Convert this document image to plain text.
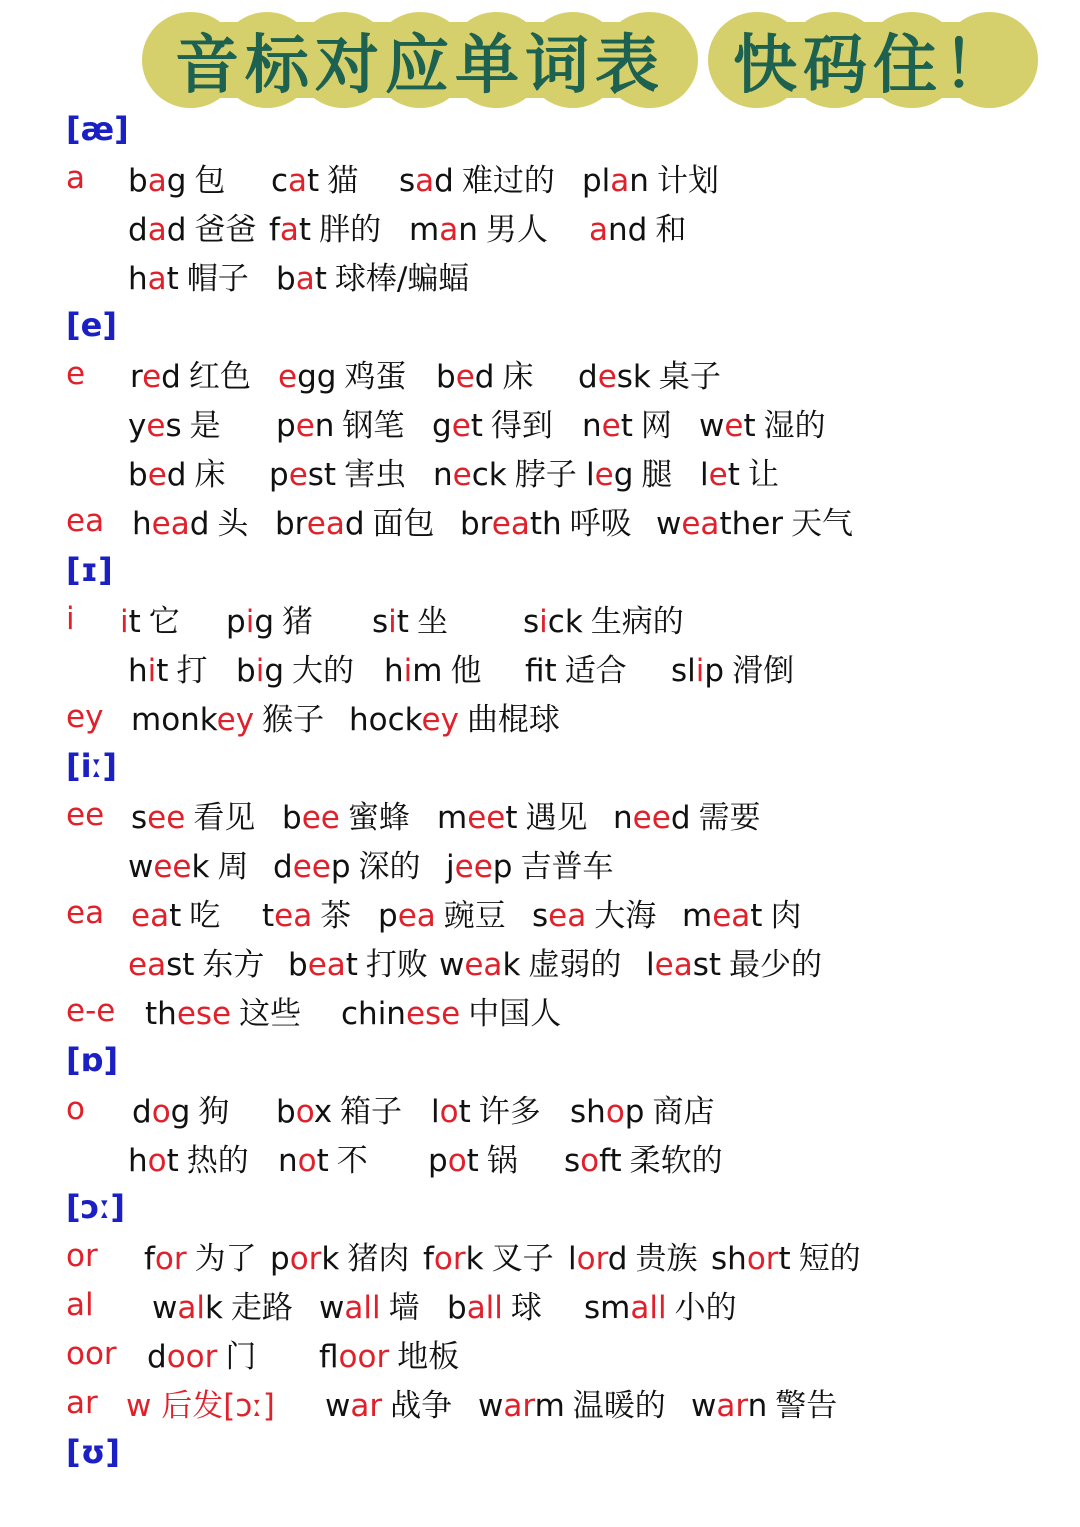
音标对应单词表 快码住！
[æ]
a bag 包 cat 猫 sad 难过的 plan 计划
dad 爸爸 fat 胖的 man 男人 and 和
hat 帽子 bat 球棒/蝙蝠
[e]
e red 红色 egg 鸡蛋 bed 床 desk 桌子
yes 是 pen 钢笔 get 得到 net 网 wet 湿的
bed 床 pest 害虫 neck 脖子 leg 腿 let 让
ea head 头 bread 面包 breath 呼吸 weather 天气
[ɪ]
i it 它 pig 猪 sit 坐 sick 生病的
hit 打 big 大的 him 他 ft 适合 slip 滑倒
ey monkey 猴子 hockey 曲棍球
[iː]
ee see 看见 bee 蜜蜂 meet 遇见 need 需要
week 周 deep 深的 jeep 吉普车
ea eat 吃 tea 茶 pea 豌豆 sea 大海 meat 肉
east 东方 beat 打败 weak 虚弱的 least 最少的
e-e these 这些 chinese 中国人
[ɒ]
o dog 狗 box 箱子 lot 许多 shop 商店
hot 热的 not 不 pot 锅 soft 柔软的
[ɔː]
or for 为了 pork 猪肉 fork 叉子 lord 贵族 short 短的
al walk 走路 wall 墙 ball 球 small 小的
oor door 门 floor 地板
ar w 后发[ɔː] war 战争 warm 温暖的 warn 警告
[ʊ]
